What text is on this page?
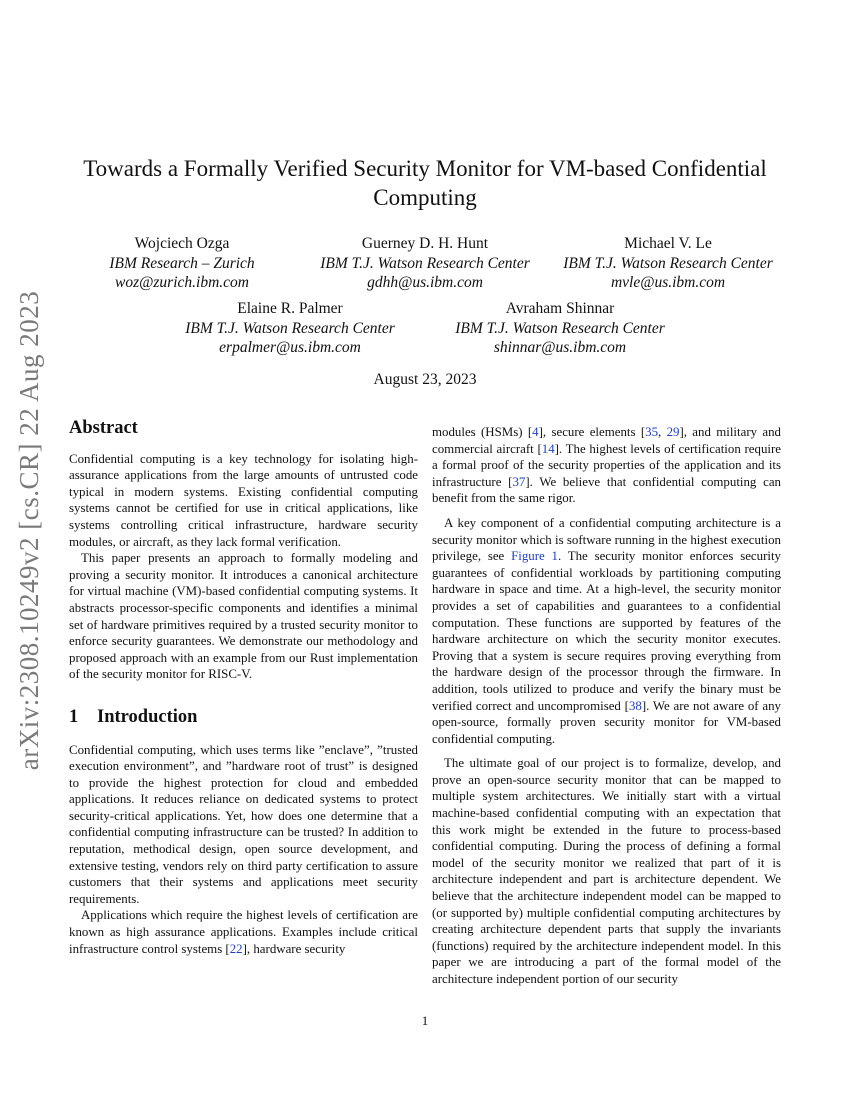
arXiv:2308.10249v2 [cs.CR] 22 Aug 2023
Towards a Formally Verified Security Monitor for VM-based Confidential Computing
Wojciech Ozga
IBM Research – Zurich
woz@zurich.ibm.com
Guerney D. H. Hunt
IBM T.J. Watson Research Center
gdhh@us.ibm.com
Michael V. Le
IBM T.J. Watson Research Center
mvle@us.ibm.com
Elaine R. Palmer
IBM T.J. Watson Research Center
erpalmer@us.ibm.com
Avraham Shinnar
IBM T.J. Watson Research Center
shinnar@us.ibm.com
August 23, 2023
Abstract

Confidential computing is a key technology for isolating high-assurance applications from the large amounts of untrusted code typical in modern systems. Existing confidential computing systems cannot be certified for use in critical applications, like systems controlling critical infrastructure, hardware security modules, or aircraft, as they lack formal verification.

This paper presents an approach to formally modeling and proving a security monitor. It introduces a canonical architecture for virtual machine (VM)-based confidential computing systems. It abstracts processor-specific components and identifies a minimal set of hardware primitives required by a trusted security monitor to enforce security guarantees. We demonstrate our methodology and proposed approach with an example from our Rust implementation of the security monitor for RISC-V.

1 Introduction

Confidential computing, which uses terms like ”enclave”, ”trusted execution environment”, and ”hardware root of trust” is designed to provide the highest protection for cloud and embedded applications. It reduces reliance on dedicated systems to protect security-critical applications. Yet, how does one determine that a confidential computing infrastructure can be trusted? In addition to reputation, methodical design, open source development, and extensive testing, vendors rely on third party certification to assure customers that their systems and applications meet security requirements.

Applications which require the highest levels of certification are known as high assurance applications. Examples include critical infrastructure control systems [22], hardware security

modules (HSMs) [4], secure elements [35, 29], and military and commercial aircraft [14]. The highest levels of certification require a formal proof of the security properties of the application and its infrastructure [37]. We believe that confidential computing can benefit from the same rigor.

A key component of a confidential computing architecture is a security monitor which is software running in the highest execution privilege, see Figure 1. The security monitor enforces security guarantees of confidential workloads by partitioning computing hardware in space and time. At a high-level, the security monitor provides a set of capabilities and guarantees to a confidential computation. These functions are supported by features of the hardware architecture on which the security monitor executes. Proving that a system is secure requires proving everything from the hardware design of the processor through the firmware. In addition, tools utilized to produce and verify the binary must be verified correct and uncompromised [38]. We are not aware of any open-source, formally proven security monitor for VM-based confidential computing.

The ultimate goal of our project is to formalize, develop, and prove an open-source security monitor that can be mapped to multiple system architectures. We initially start with a virtual machine-based confidential computing with an expectation that this work might be extended in the future to process-based confidential computing. During the process of defining a formal model of the security monitor we realized that part of it is architecture independent and part is architecture dependent. We believe that the architecture independent model can be mapped to (or supported by) multiple confidential computing architectures by creating architecture dependent parts that supply the invariants (functions) required by the architecture independent model. In this paper we are introducing a part of the formal model of the architecture independent portion of our security

1
